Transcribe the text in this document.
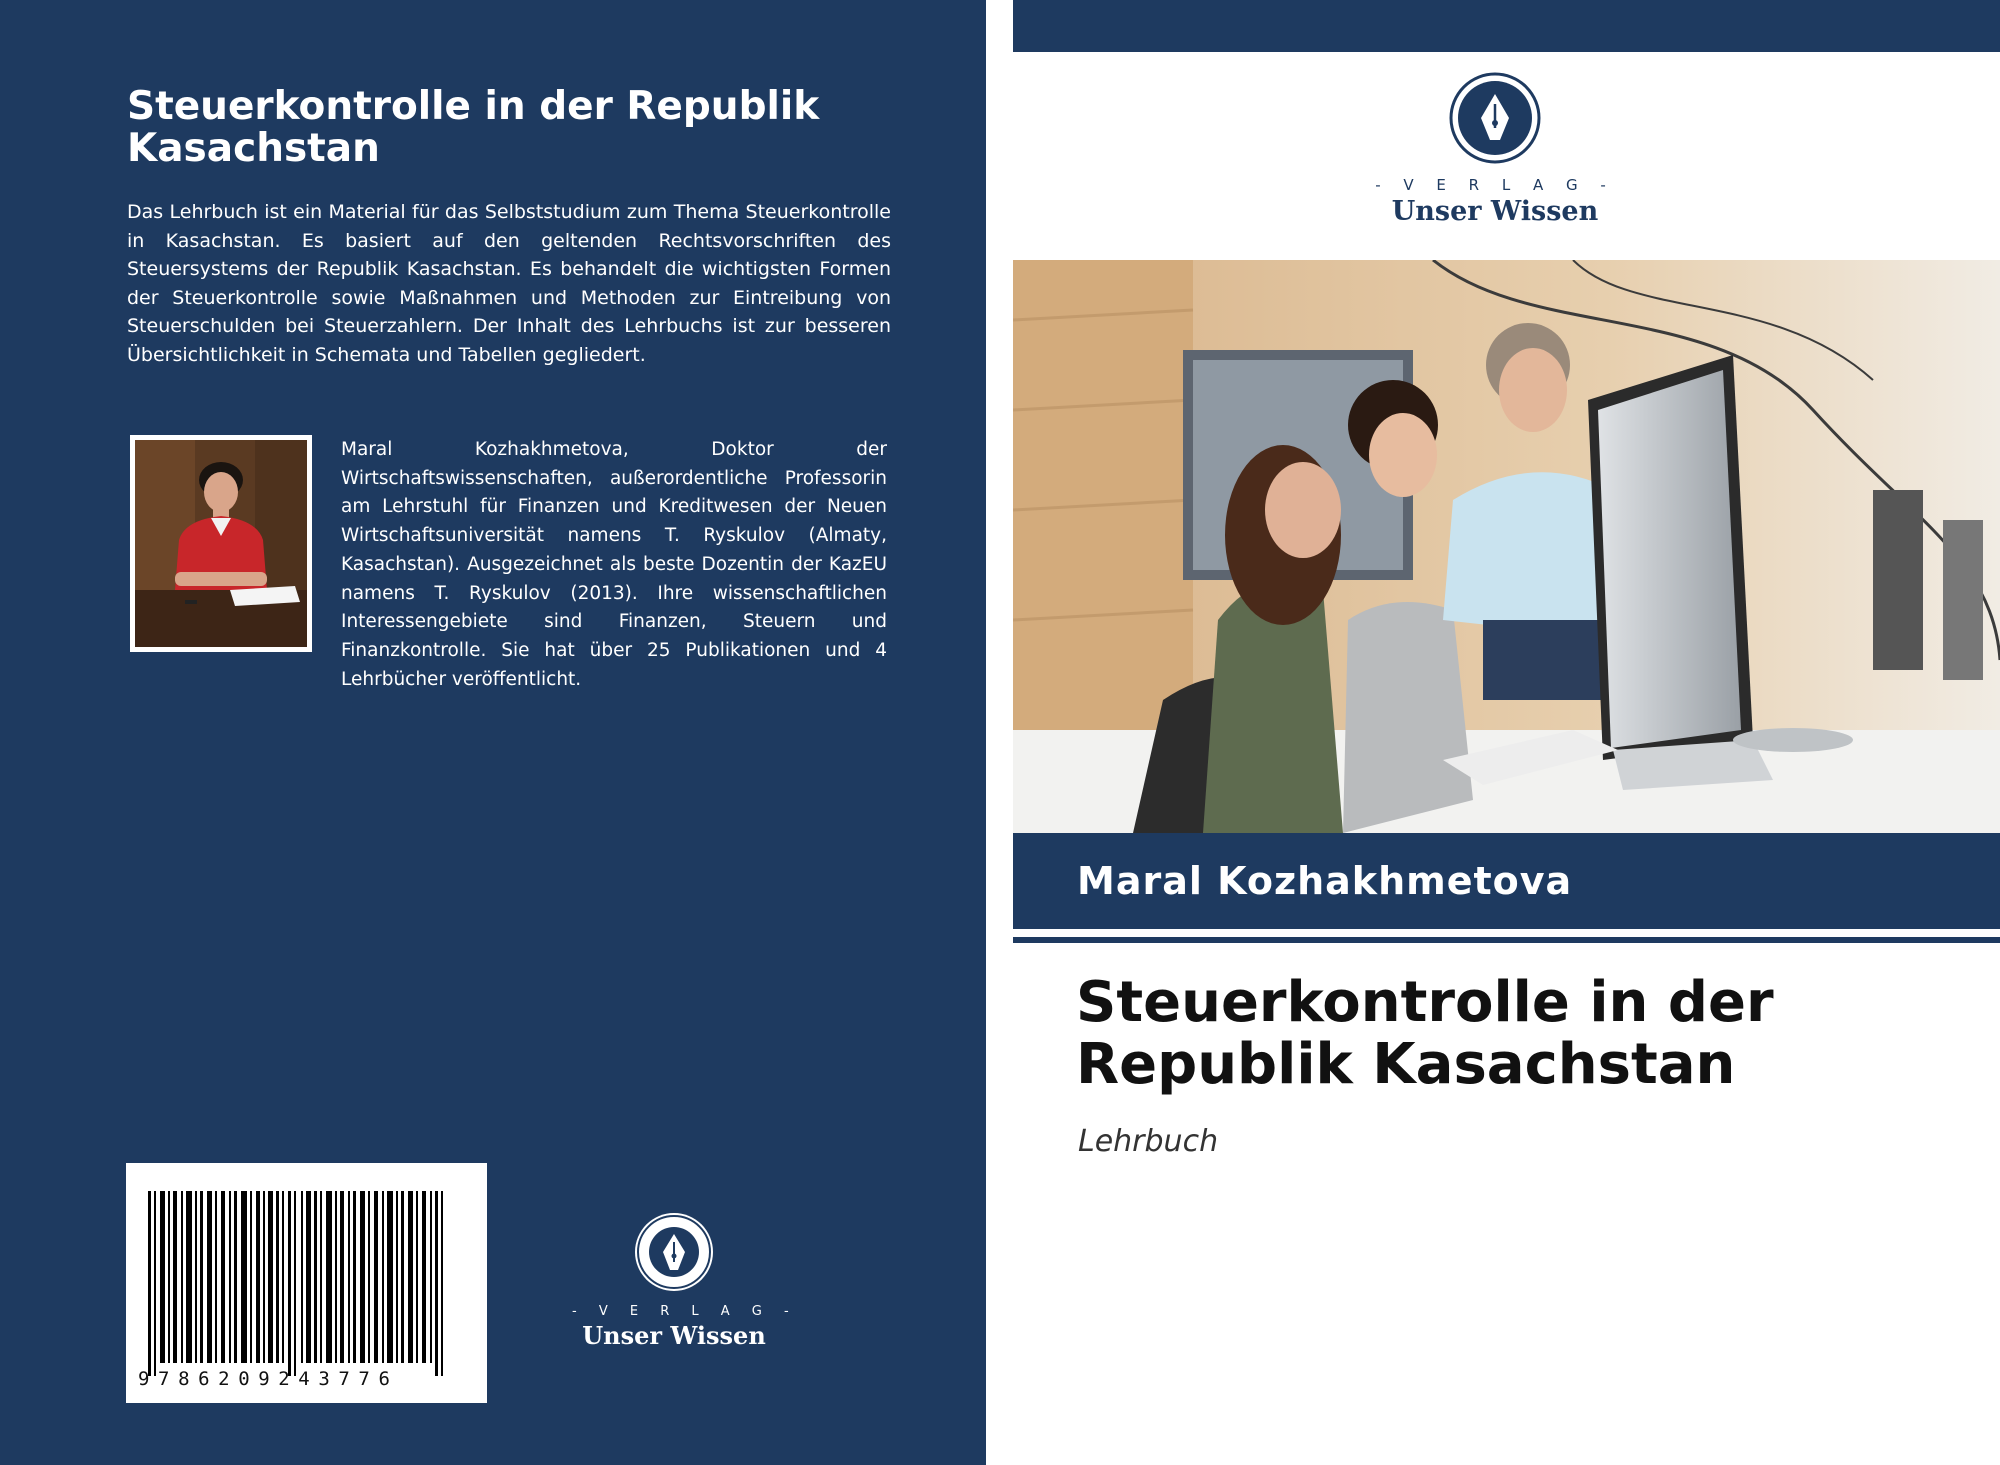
Steuerkontrolle in der Republik Kasachstan

Das Lehrbuch ist ein Material für das Selbststudium zum Thema Steuerkontrolle in Kasachstan. Es basiert auf den geltenden Rechtsvorschriften des Steuersystems der Republik Kasachstan. Es behandelt die wichtigsten Formen der Steuerkontrolle sowie Maßnahmen und Methoden zur Eintreibung von Steuerschulden bei Steuerzahlern. Der Inhalt des Lehrbuchs ist zur besseren Übersichtlichkeit in Schemata und Tabellen gegliedert.

Maral Kozhakhmetova, Doktor der Wirtschaftswissenschaften, außerordentliche Professorin am Lehrstuhl für Finanzen und Kreditwesen der Neuen Wirtschaftsuniversität namens T. Ryskulov (Almaty, Kasachstan). Ausgezeichnet als beste Dozentin der KazEU namens T. Ryskulov (2013). Ihre wissenschaftlichen Interessengebiete sind Finanzen, Steuern und Finanzkontrolle. Sie hat über 25 Publikationen und 4 Lehrbücher veröffentlicht.

9786209243776
- V E R L A G -
Unser Wissen
- V E R L A G -
Unser Wissen
Maral Kozhakhmetova
Steuerkontrolle in der Republik Kasachstan
Lehrbuch
